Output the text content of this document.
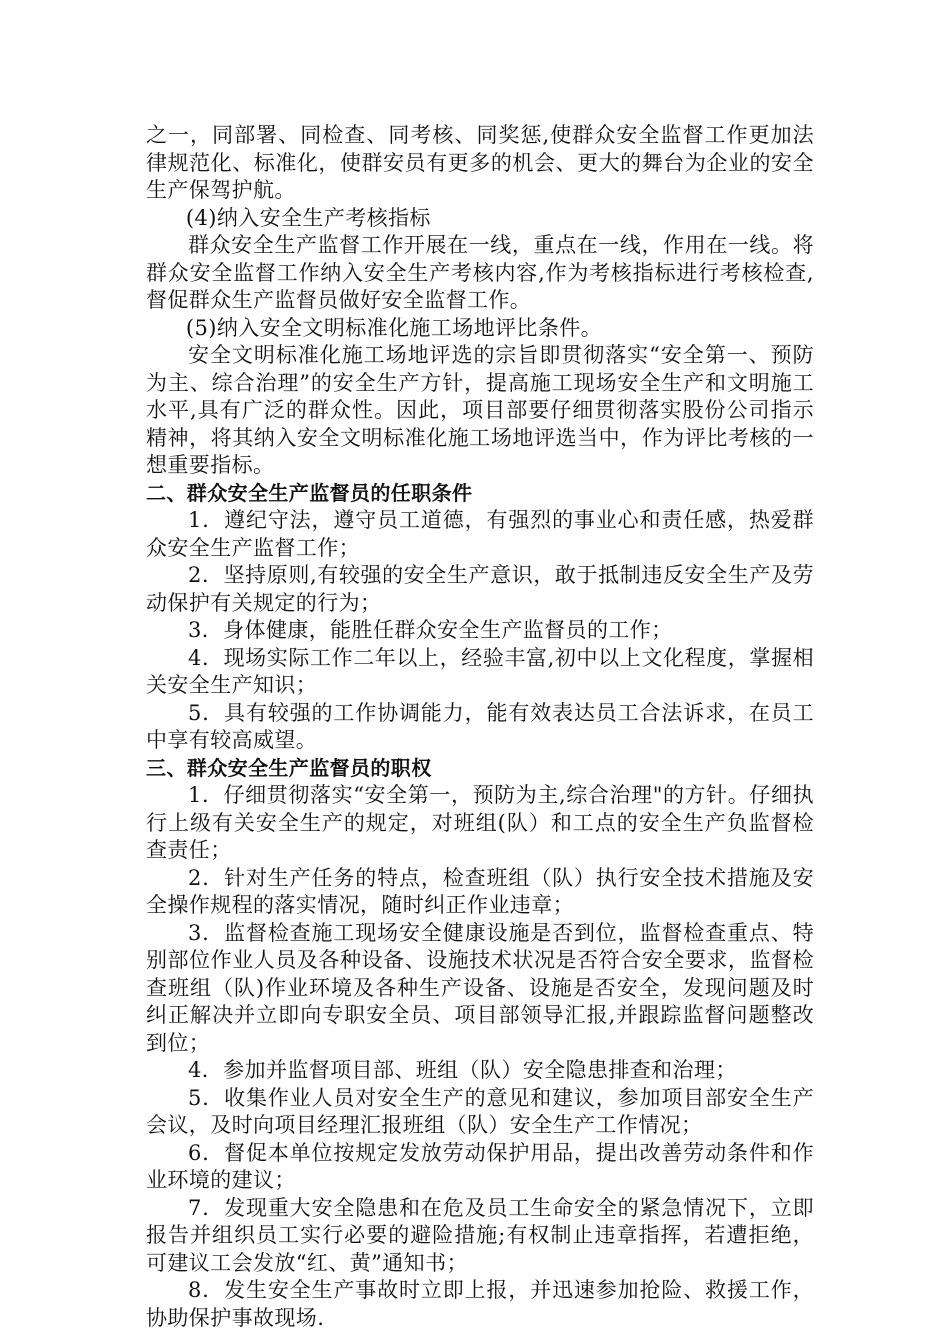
之一，同部署、同检查、同考核、同奖惩,使群众安全监督工作更加法律规范化、标准化，使群安员有更多的机会、更大的舞台为企业的安全生产保驾护航。

(4)纳入安全生产考核指标

群众安全生产监督工作开展在一线，重点在一线，作用在一线。将群众安全监督工作纳入安全生产考核内容,作为考核指标进行考核检查,督促群众生产监督员做好安全监督工作。

(5)纳入安全文明标准化施工场地评比条件。

安全文明标准化施工场地评选的宗旨即贯彻落实“安全第一、预防为主、综合治理”的安全生产方针，提高施工现场安全生产和文明施工水平,具有广泛的群众性。因此，项目部要仔细贯彻落实股份公司指示精神，将其纳入安全文明标准化施工场地评选当中，作为评比考核的一想重要指标。

二、群众安全生产监督员的任职条件

1．遵纪守法，遵守员工道德，有强烈的事业心和责任感，热爱群众安全生产监督工作；

2．坚持原则,有较强的安全生产意识，敢于抵制违反安全生产及劳动保护有关规定的行为；

3．身体健康，能胜任群众安全生产监督员的工作；

4．现场实际工作二年以上，经验丰富,初中以上文化程度，掌握相关安全生产知识；

5．具有较强的工作协调能力，能有效表达员工合法诉求，在员工中享有较高威望。

三、群众安全生产监督员的职权

1．仔细贯彻落实“安全第一，预防为主,综合治理"的方针。仔细执行上级有关安全生产的规定，对班组(队）和工点的安全生产负监督检查责任；

2．针对生产任务的特点，检查班组（队）执行安全技术措施及安全操作规程的落实情况，随时纠正作业违章；

3．监督检查施工现场安全健康设施是否到位，监督检查重点、特别部位作业人员及各种设备、设施技术状况是否符合安全要求，监督检查班组（队)作业环境及各种生产设备、设施是否安全，发现问题及时纠正解决并立即向专职安全员、项目部领导汇报,并跟踪监督问题整改到位；

4．参加并监督项目部、班组（队）安全隐患排查和治理；

5．收集作业人员对安全生产的意见和建议，参加项目部安全生产会议，及时向项目经理汇报班组（队）安全生产工作情况；

6．督促本单位按规定发放劳动保护用品，提出改善劳动条件和作业环境的建议；

7．发现重大安全隐患和在危及员工生命安全的紧急情况下，立即报告并组织员工实行必要的避险措施;有权制止违章指挥，若遭拒绝，可建议工会发放“红、黄”通知书；

8．发生安全生产事故时立即上报，并迅速参加抢险、救援工作，协助保护事故现场.
